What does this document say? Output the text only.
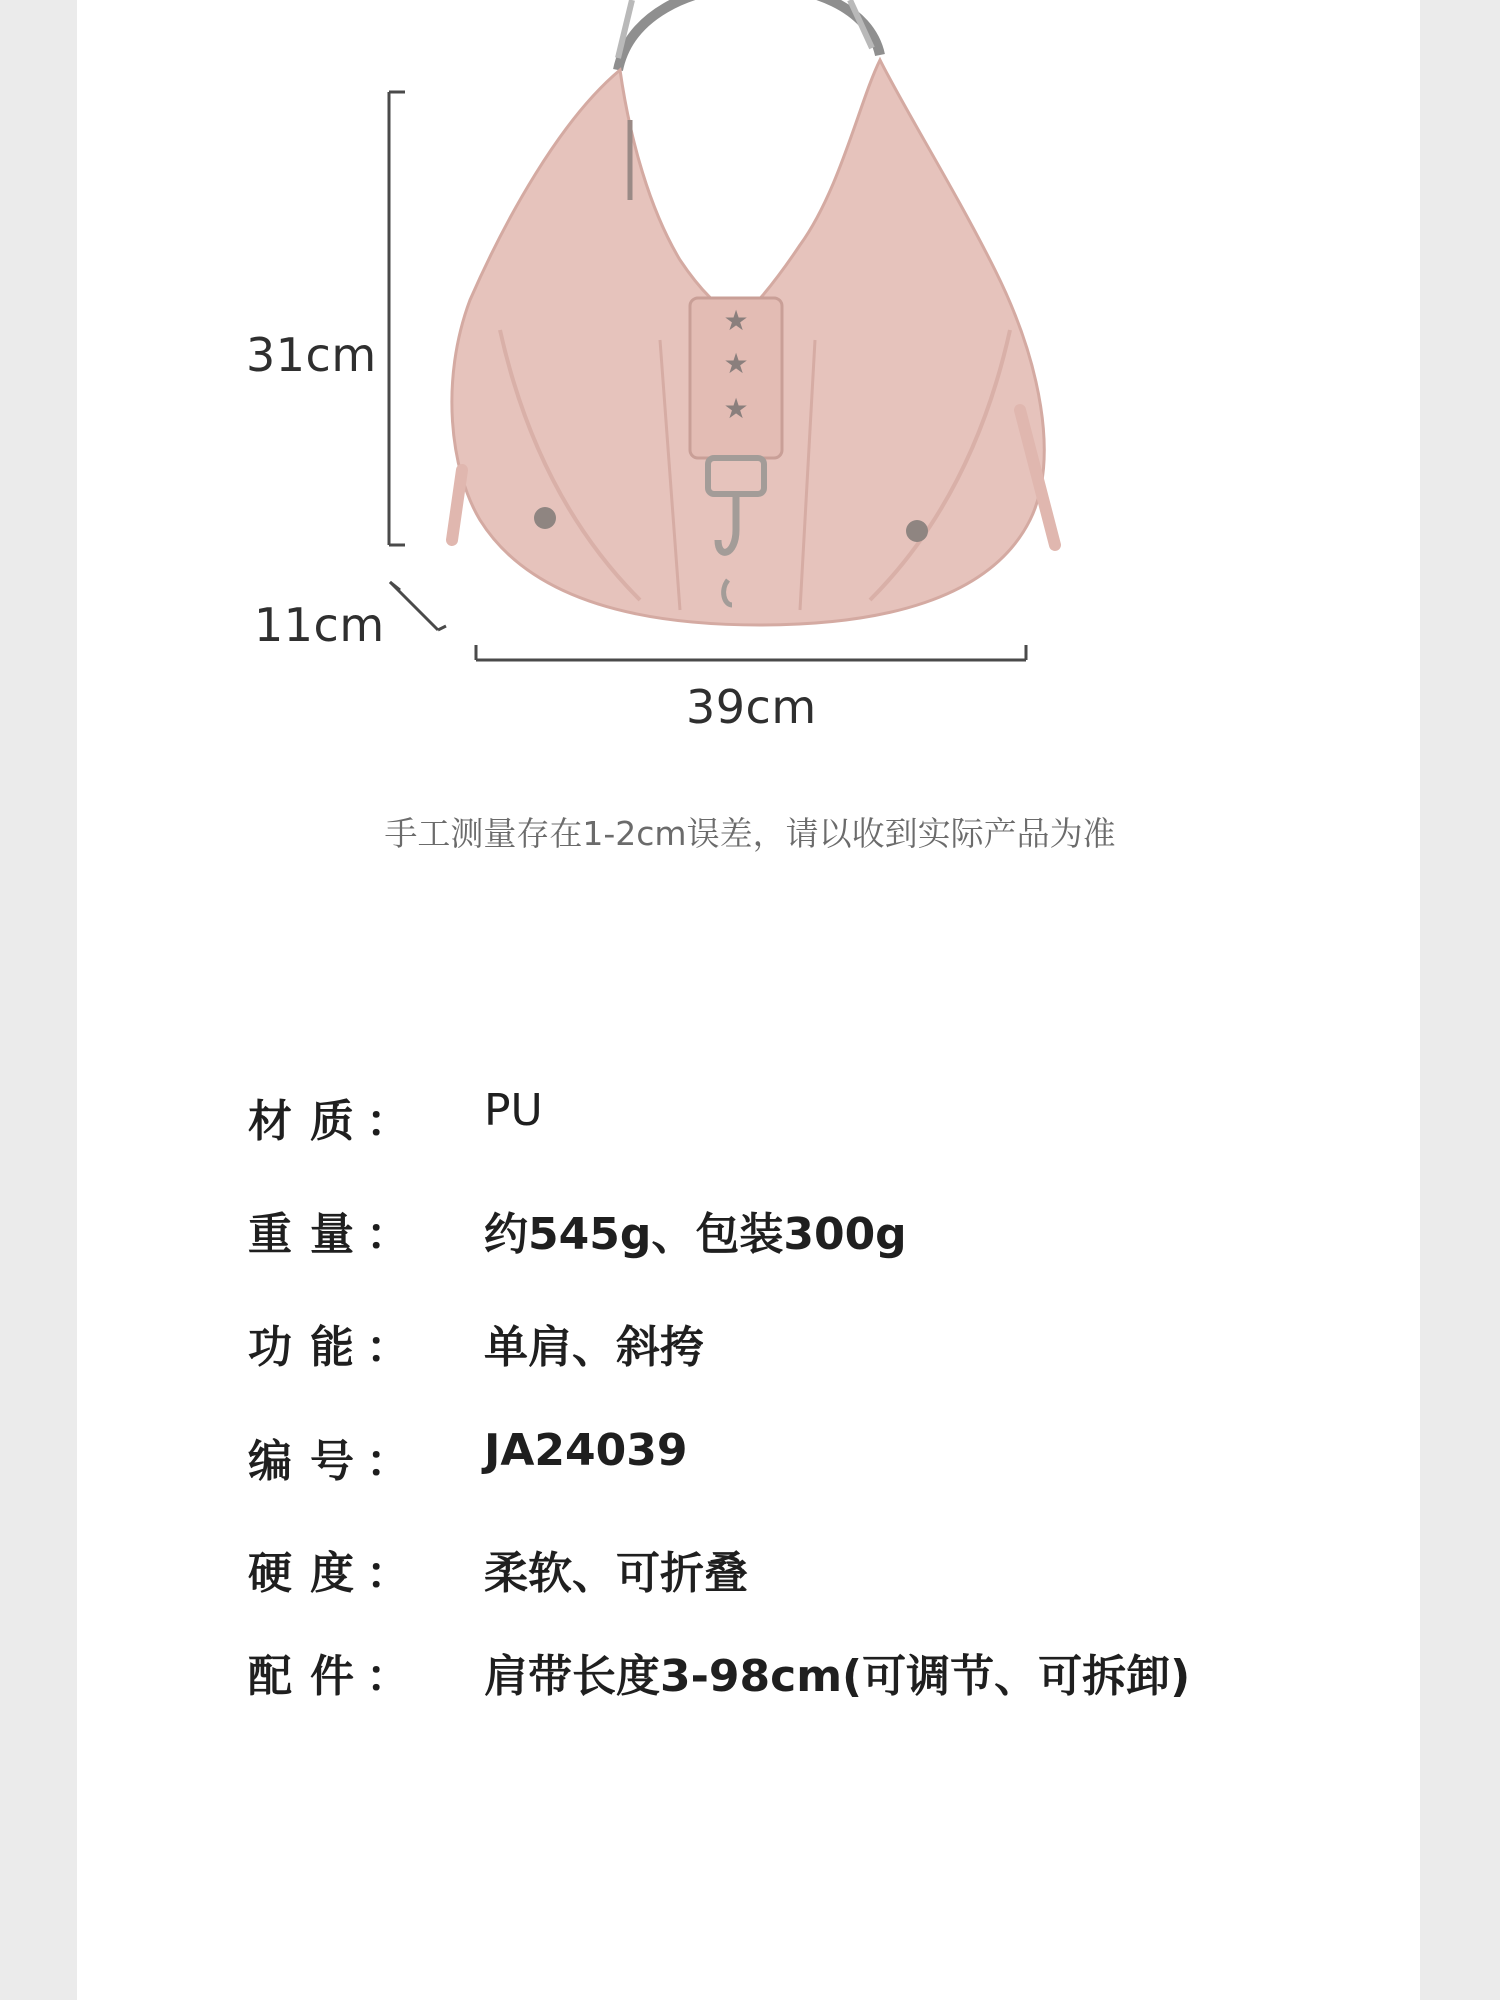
★
★
★
31cm
11cm
39cm
手工测量存在1-2cm误差，请以收到实际产品为准
材质
： PU
重量
： 约545g、包装300g
功能
： 单肩、斜挎
编号
： JA24039
硬度
： 柔软、可折叠
配件
： 肩带长度3-98cm(可调节、可拆卸)
